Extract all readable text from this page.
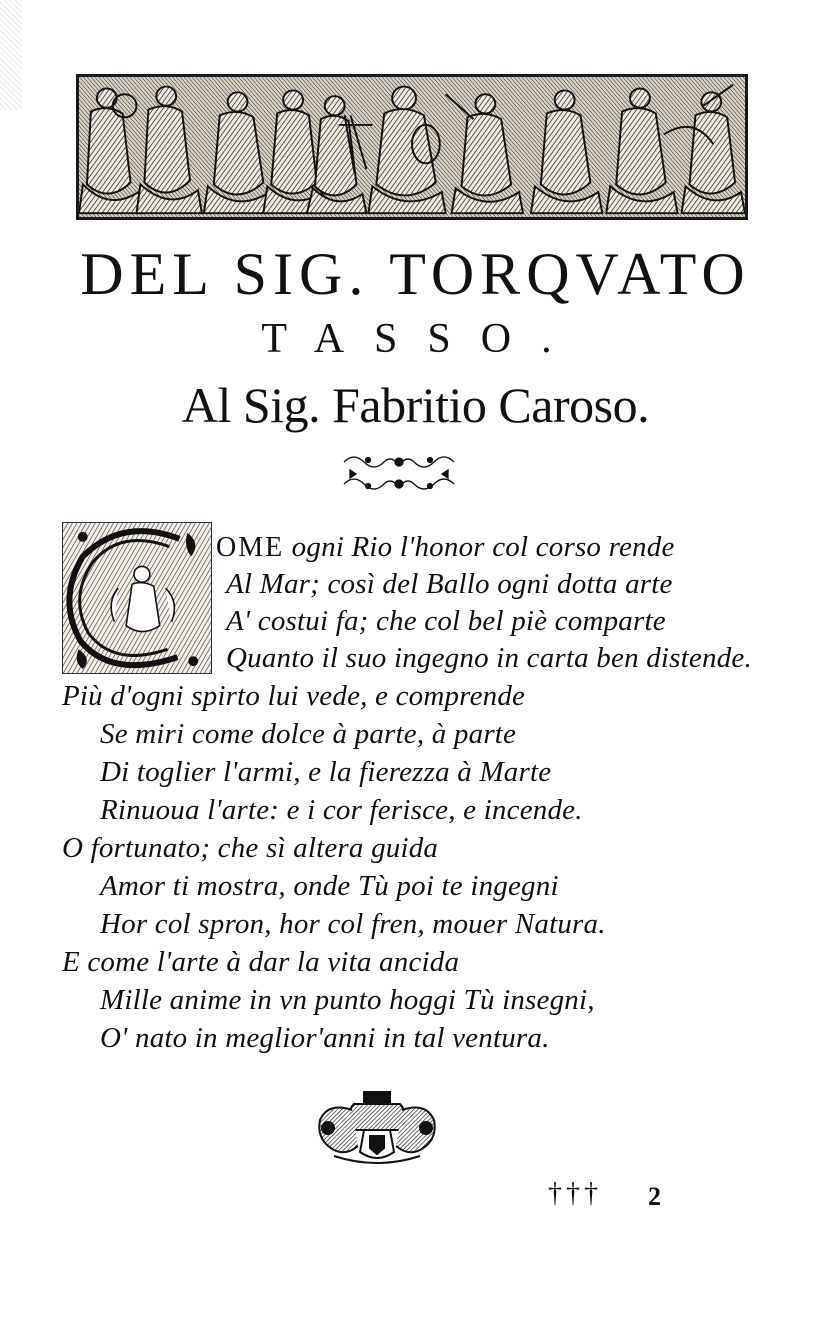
DEL SIG. TORQVATO
TASSO.
Al Sig. Fabritio Caroso.
OME ogni Rio l'honor col corso rende
Al Mar; così del Ballo ogni dotta arte
A' costui fa; che col bel piè comparte
Quanto il suo ingegno in carta ben distende.
Più d'ogni spirto lui vede, e comprende
Se miri come dolce à parte, à parte
Di toglier l'armi, e la fierezza à Marte
Rinuoua l'arte: e i cor ferisce, e incende.
O fortunato; che sì altera guida
Amor ti mostra, onde Tù poi te ingegni
Hor col spron, hor col fren, mouer Natura.
E come l'arte à dar la vita ancida
Mille anime in vn punto hoggi Tù insegni,
O' nato in meglior'anni in tal ventura.
††† 2
